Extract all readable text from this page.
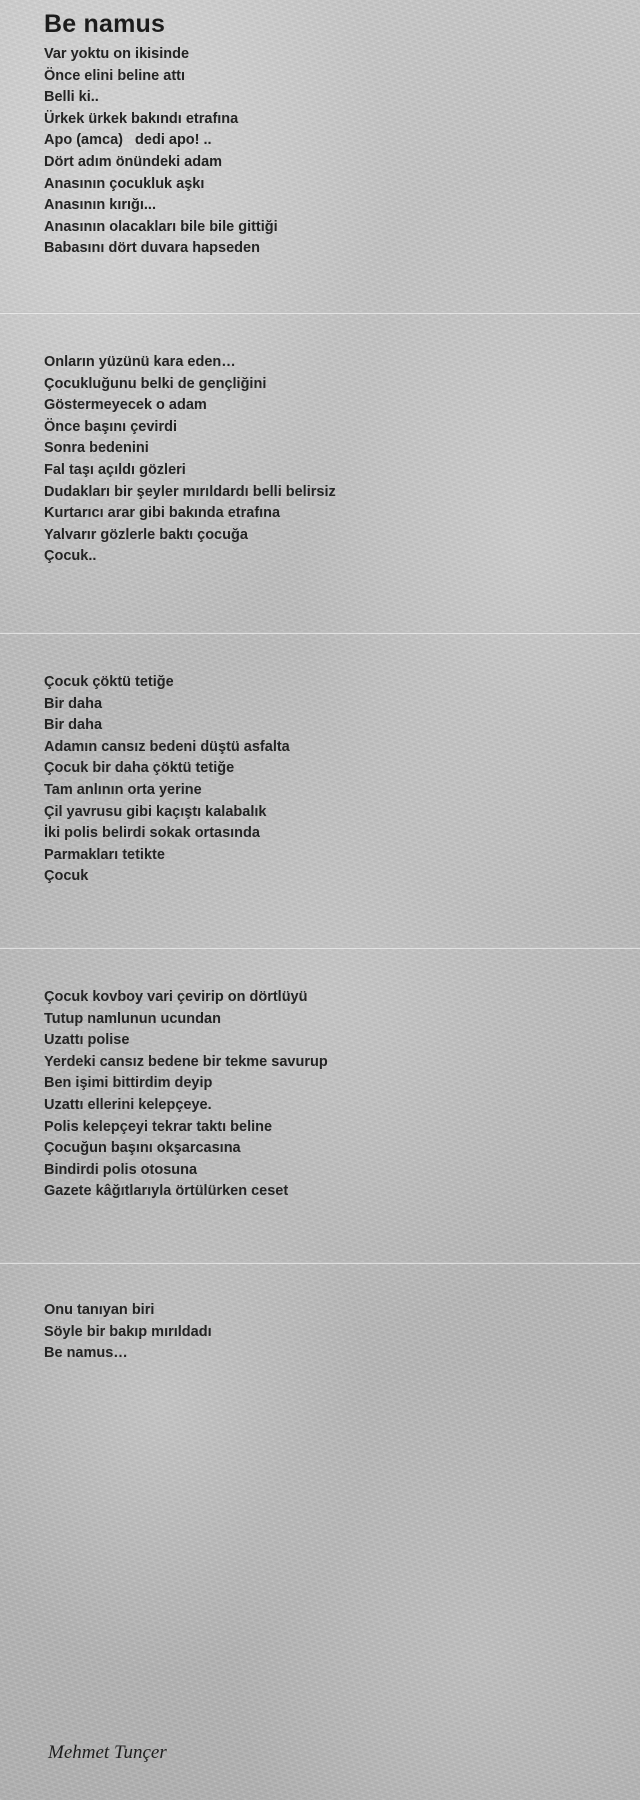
Be namus
Var yoktu on ikisinde
Önce elini beline attı
Belli ki..
Ürkek ürkek bakındı etrafına
Apo (amca)   dedi apo! ..
Dört adım önündeki adam
Anasının çocukluk aşkı
Anasının kırığı...
Anasının olacakları bile bile gittiği
Babasını dört duvara hapseden
Onların yüzünü kara eden…
Çocukluğunu belki de gençliğini
Göstermeyecek o adam
Önce başını çevirdi
Sonra bedenini
Fal taşı açıldı gözleri
Dudakları bir şeyler mırıldardı belli belirsiz
Kurtarıcı arar gibi bakında etrafına
Yalvarır gözlerle baktı çocuğa
Çocuk..
Çocuk çöktü tetiğe
Bir daha
Bir daha
Adamın cansız bedeni düştü asfalta
Çocuk bir daha çöktü tetiğe
Tam anlının orta yerine
Çil yavrusu gibi kaçıştı kalabalık
İki polis belirdi sokak ortasında
Parmakları tetikte
Çocuk
Çocuk kovboy vari çevirip on dörtlüyü
Tutup namlunun ucundan
Uzattı polise
Yerdeki cansız bedene bir tekme savurup
Ben işimi bittirdim deyip
Uzattı ellerini kelepçeye.
Polis kelepçeyi tekrar taktı beline
Çocuğun başını okşarcasına
Bindirdi polis otosuna
Gazete kâğıtlarıyla örtülürken ceset
Onu tanıyan biri
Söyle bir bakıp mırıldadı
Be namus…
Mehmet Tunçer
